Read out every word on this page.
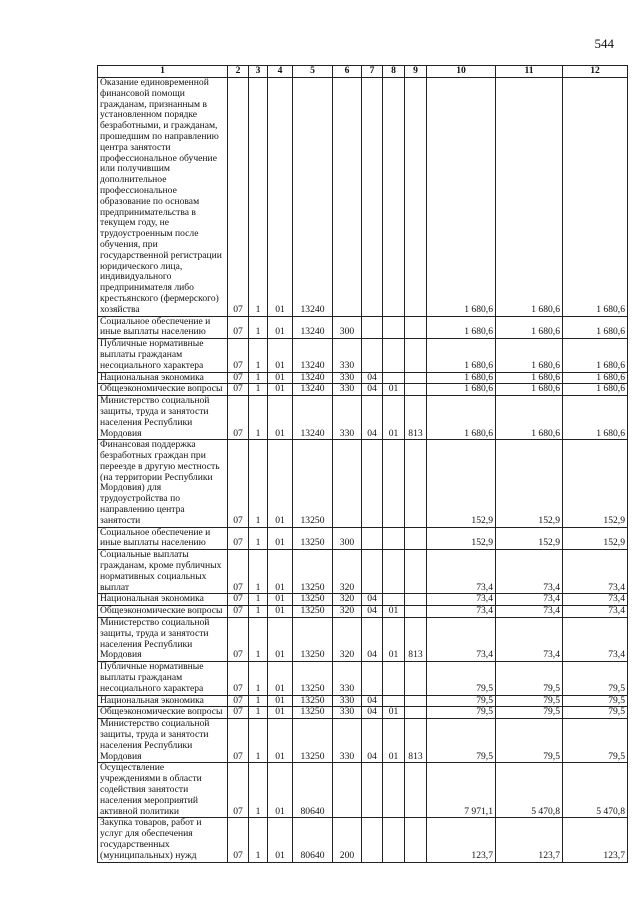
544
1	2	3	4	5	6	7	8	9	10	11	12
Оказание единовременной финансовой помощи гражданам, признанным в установленном порядке безработными, и гражданам, прошедшим по направлению центра занятости профессиональное обучение или получившим дополнительное профессиональное образование по основам предпринимательства в текущем году, не трудоустроенным после обучения, при государственной регистрации юридического лица, индивидуального предпринимателя либо крестьянского (фермерского) хозяйства	07	1	01	13240					1 680,6	1 680,6	1 680,6
Социальное обеспечение и иные выплаты населению	07	1	01	13240	300				1 680,6	1 680,6	1 680,6
Публичные нормативные выплаты гражданам несоциального характера	07	1	01	13240	330				1 680,6	1 680,6	1 680,6
Национальная экономика	07	1	01	13240	330	04			1 680,6	1 680,6	1 680,6
Общеэкономические вопросы	07	1	01	13240	330	04	01		1 680,6	1 680,6	1 680,6
Министерство социальной защиты, труда и занятости населения Республики Мордовия	07	1	01	13240	330	04	01	813	1 680,6	1 680,6	1 680,6
Финансовая поддержка безработных граждан при переезде в другую местность (на территории Республики Мордовия) для трудоустройства по направлению центра занятости	07	1	01	13250					152,9	152,9	152,9
Социальное обеспечение и иные выплаты населению	07	1	01	13250	300				152,9	152,9	152,9
Социальные выплаты гражданам, кроме публичных нормативных социальных выплат	07	1	01	13250	320				73,4	73,4	73,4
Национальная экономика	07	1	01	13250	320	04			73,4	73,4	73,4
Общеэкономические вопросы	07	1	01	13250	320	04	01		73,4	73,4	73,4
Министерство социальной защиты, труда и занятости населения Республики Мордовия	07	1	01	13250	320	04	01	813	73,4	73,4	73,4
Публичные нормативные выплаты гражданам несоциального характера	07	1	01	13250	330				79,5	79,5	79,5
Национальная экономика	07	1	01	13250	330	04			79,5	79,5	79,5
Общеэкономические вопросы	07	1	01	13250	330	04	01		79,5	79,5	79,5
Министерство социальной защиты, труда и занятости населения Республики Мордовия	07	1	01	13250	330	04	01	813	79,5	79,5	79,5
Осуществление учреждениями в области содействия занятости населения мероприятий активной политики	07	1	01	80640					7 971,1	5 470,8	5 470,8
Закупка товаров, работ и услуг для обеспечения государственных (муниципальных) нужд	07	1	01	80640	200				123,7	123,7	123,7
